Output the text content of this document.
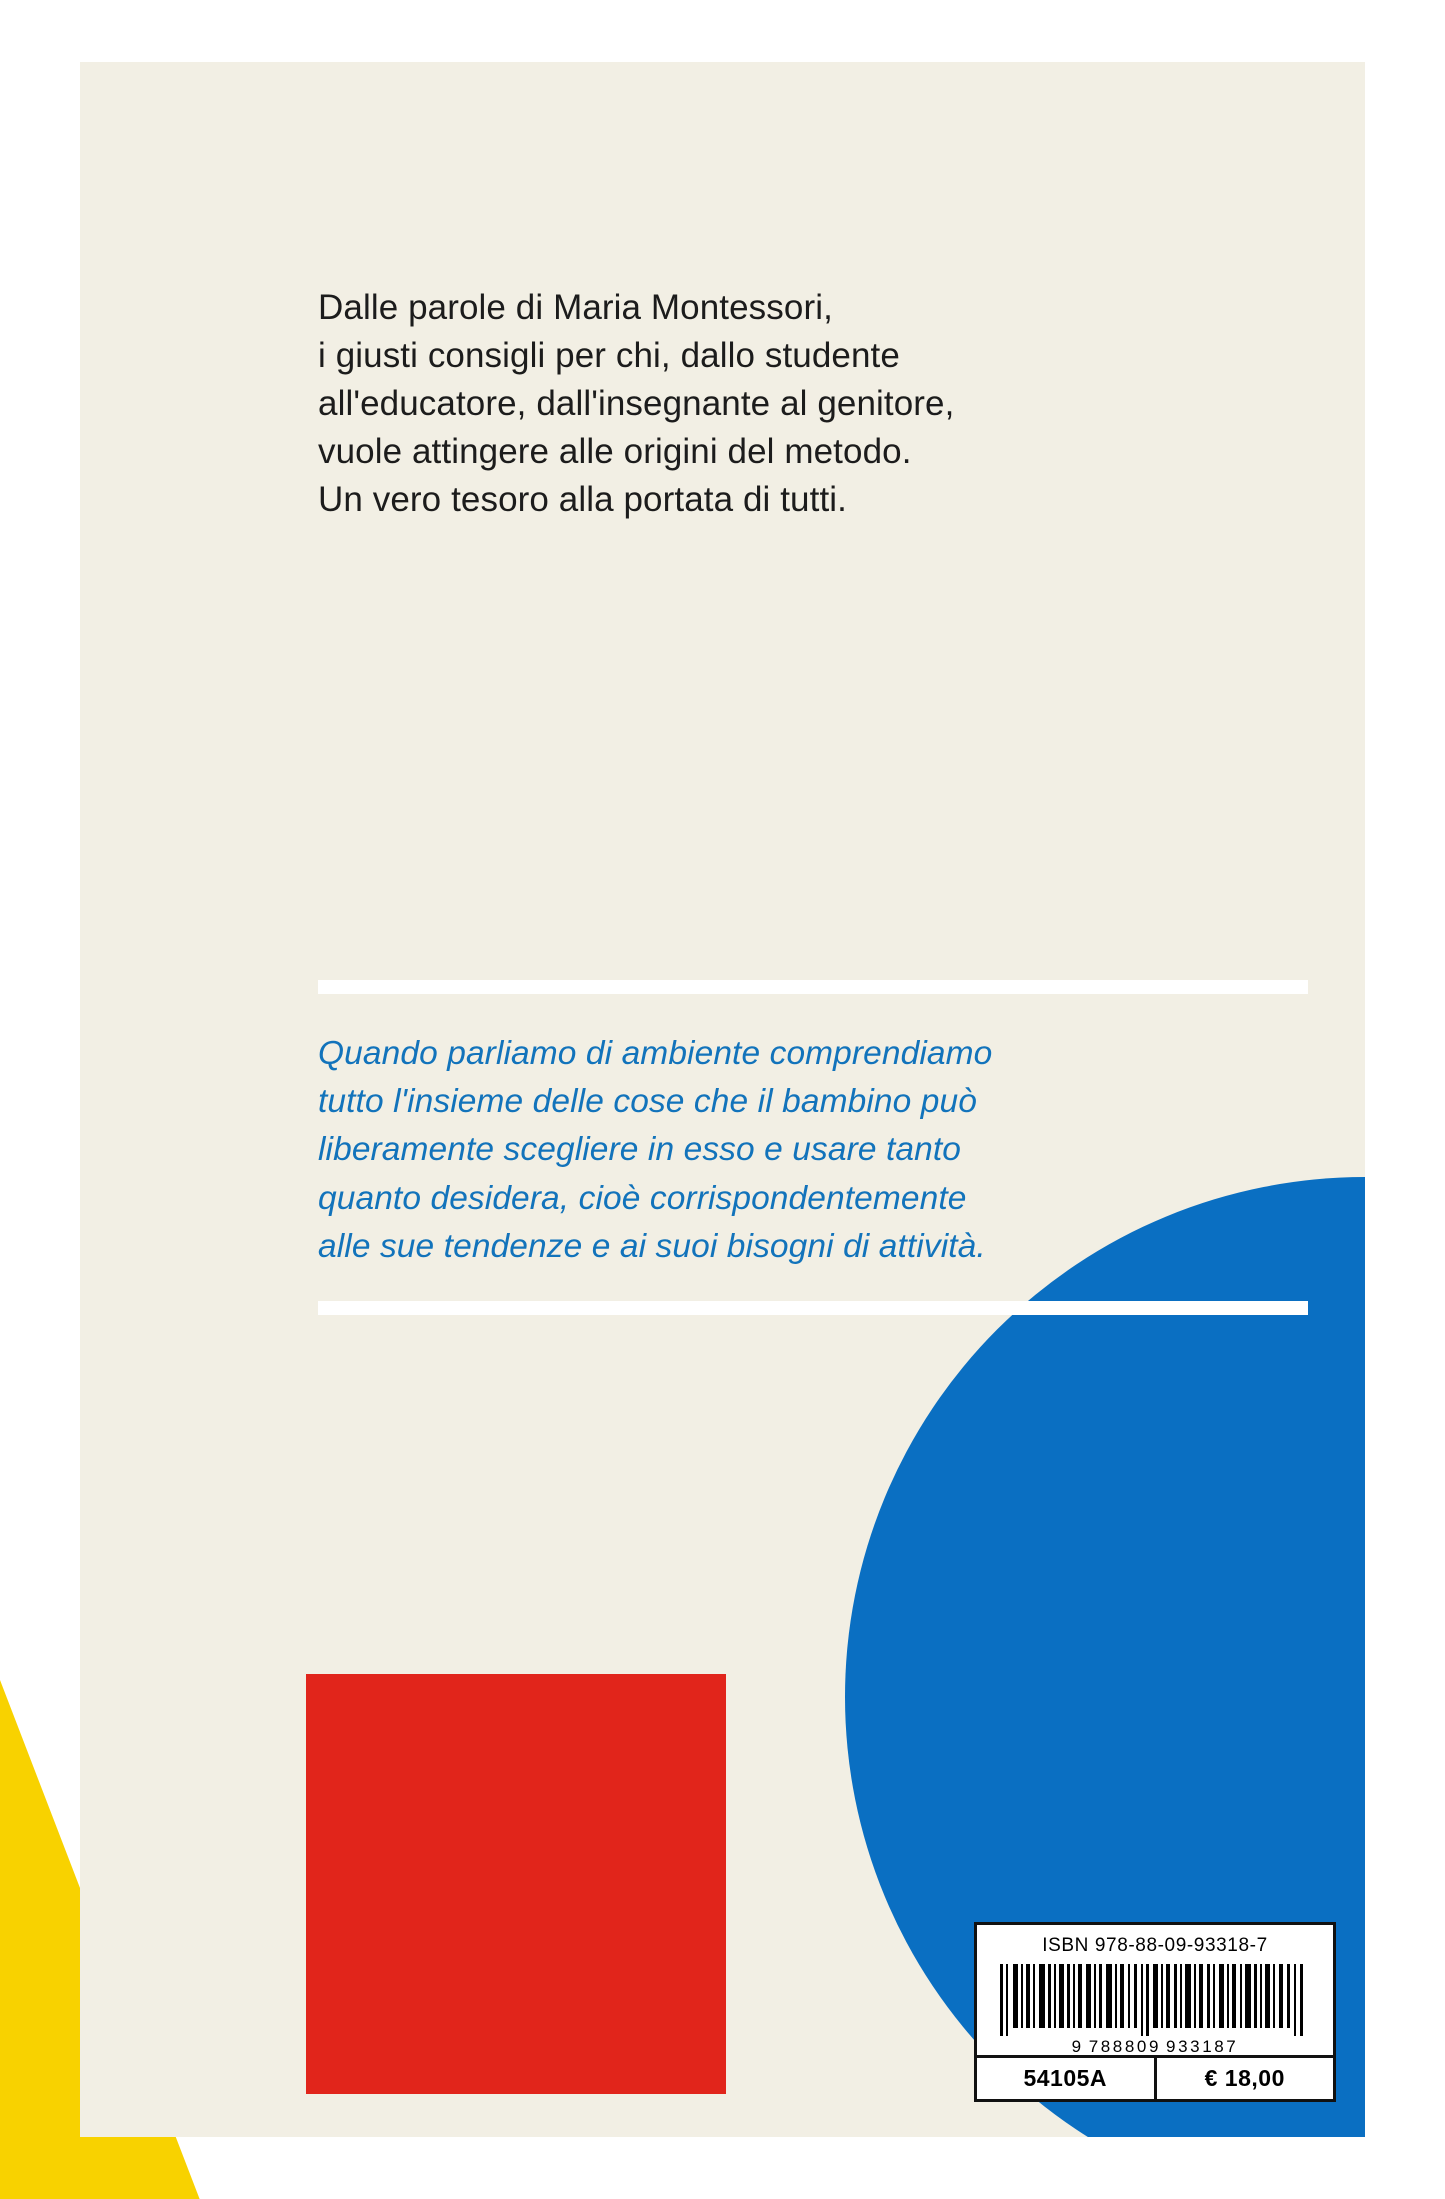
Dalle parole di Maria Montessori,
i giusti consigli per chi, dallo studente
all'educatore, dall'insegnante al genitore,
vuole attingere alle origini del metodo.
Un vero tesoro alla portata di tutti.
Quando parliamo di ambiente comprendiamo
tutto l'insieme delle cose che il bambino può
liberamente scegliere in esso e usare tanto
quanto desidera, cioè corrispondentemente
alle sue tendenze e ai suoi bisogni di attività.
ISBN 978-88-09-93318-7
9 788809 933187
54105A	€ 18,00
